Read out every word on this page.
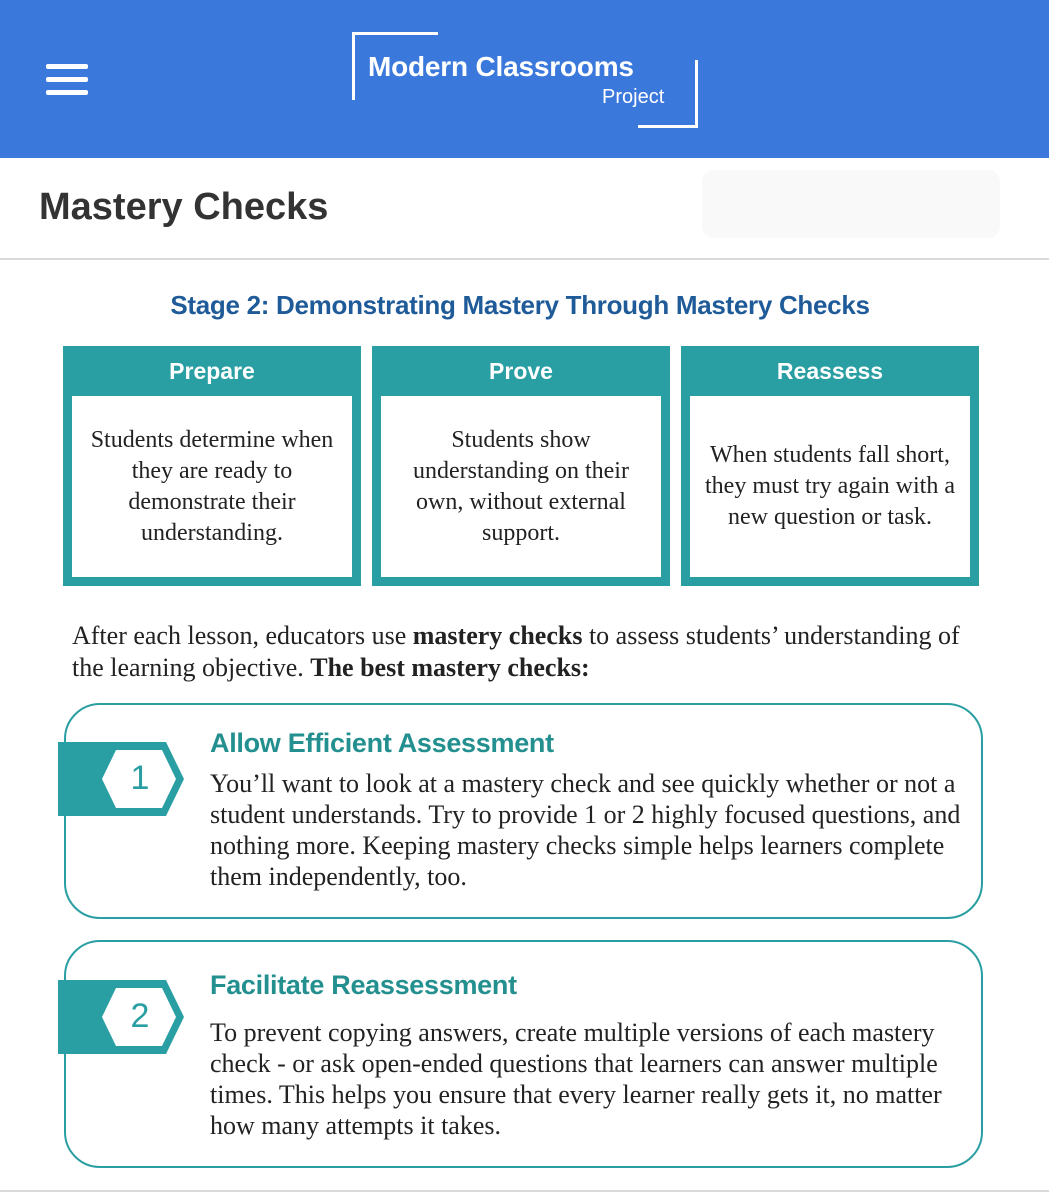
Modern Classrooms
Project
Mastery Checks
Stage 2: Demonstrating Mastery Through Mastery Checks
Prepare
Students determine when they are ready to demonstrate their understanding.
Prove
Students show understanding on their own, without external support.
Reassess
When students fall short, they must try again with a new question or task.

After each lesson, educators use mastery checks to assess students’ understanding of the learning objective. The best mastery checks:

1
Allow Efficient Assessment

You’ll want to look at a mastery check and see quickly whether or not a student understands. Try to provide 1 or 2 highly focused questions, and nothing more. Keeping mastery checks simple helps learners complete them independently, too.

2
Facilitate Reassessment

To prevent copying answers, create multiple versions of each mastery check - or ask open-ended questions that learners can answer multiple times. This helps you ensure that every learner really gets it, no matter how many attempts it takes.
